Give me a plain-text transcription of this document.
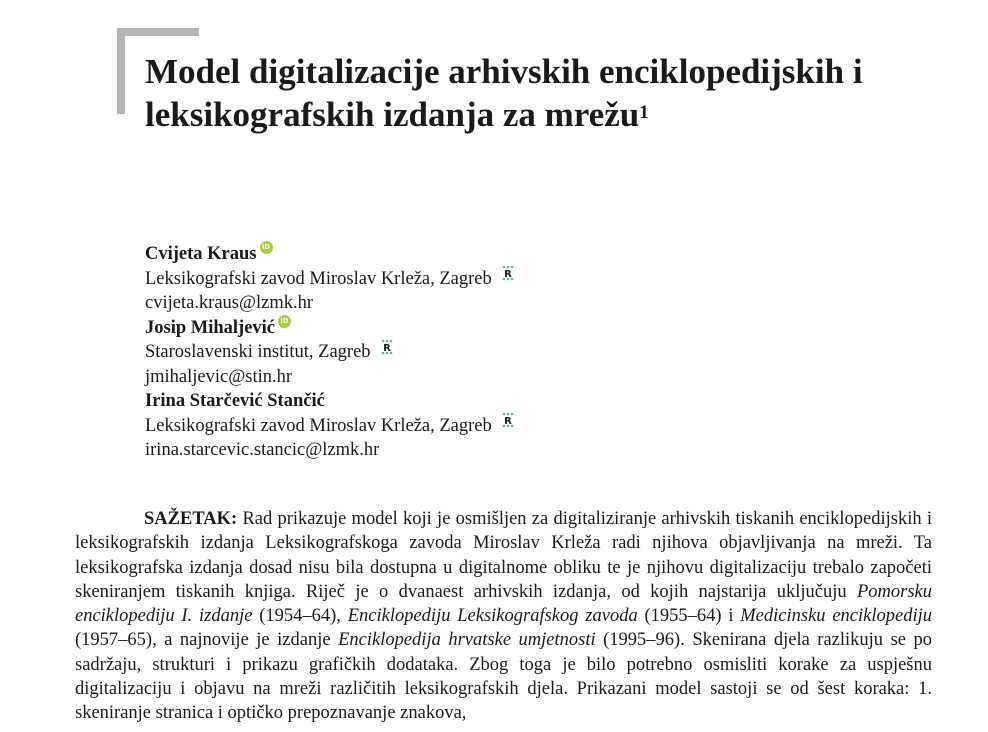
Model digitalizacije arhivskih enciklopedijskih i leksikografskih izdanja za mrežu$^1$
Cvijeta Kraus iD
Leksikografski zavod Miroslav Krleža, Zagreb R
cvijeta.kraus@lzmk.hr
Josip Mihaljević iD
Staroslavenski institut, Zagreb R
jmihaljevic@stin.hr
Irina Starčević Stančić
Leksikografski zavod Miroslav Krleža, Zagreb R
irina.starcevic.stancic@lzmk.hr

SAŽETAK: Rad prikazuje model koji je osmišljen za digitaliziranje arhivskih tiskanih enciklopedijskih i leksikografskih izdanja Leksikografskoga zavoda Miroslav Krleža radi njihova objavljivanja na mreži. Ta leksikografska izdanja dosad nisu bila dostupna u digitalnome obliku te je njihovu digitalizaciju trebalo započeti skeniranjem tiskanih knjiga. Riječ je o dvanaest arhivskih izdanja, od kojih najstarija uključuju Pomorsku enciklopediju I. izdanje (1954–64), Enciklopediju Leksikografskog zavoda (1955–64) i Medicinsku enciklopediju (1957–65), a najnovije je izdanje Enciklopedija hrvatske umjetnosti (1995–96). Skenirana djela razlikuju se po sadržaju, strukturi i prikazu grafičkih dodataka. Zbog toga je bilo potrebno osmisliti korake za uspješnu digitalizaciju i objavu na mreži različitih leksikografskih djela. Prikazani model sastoji se od šest koraka: 1. skeniranje stranica i optičko prepoznavanje znakova,
